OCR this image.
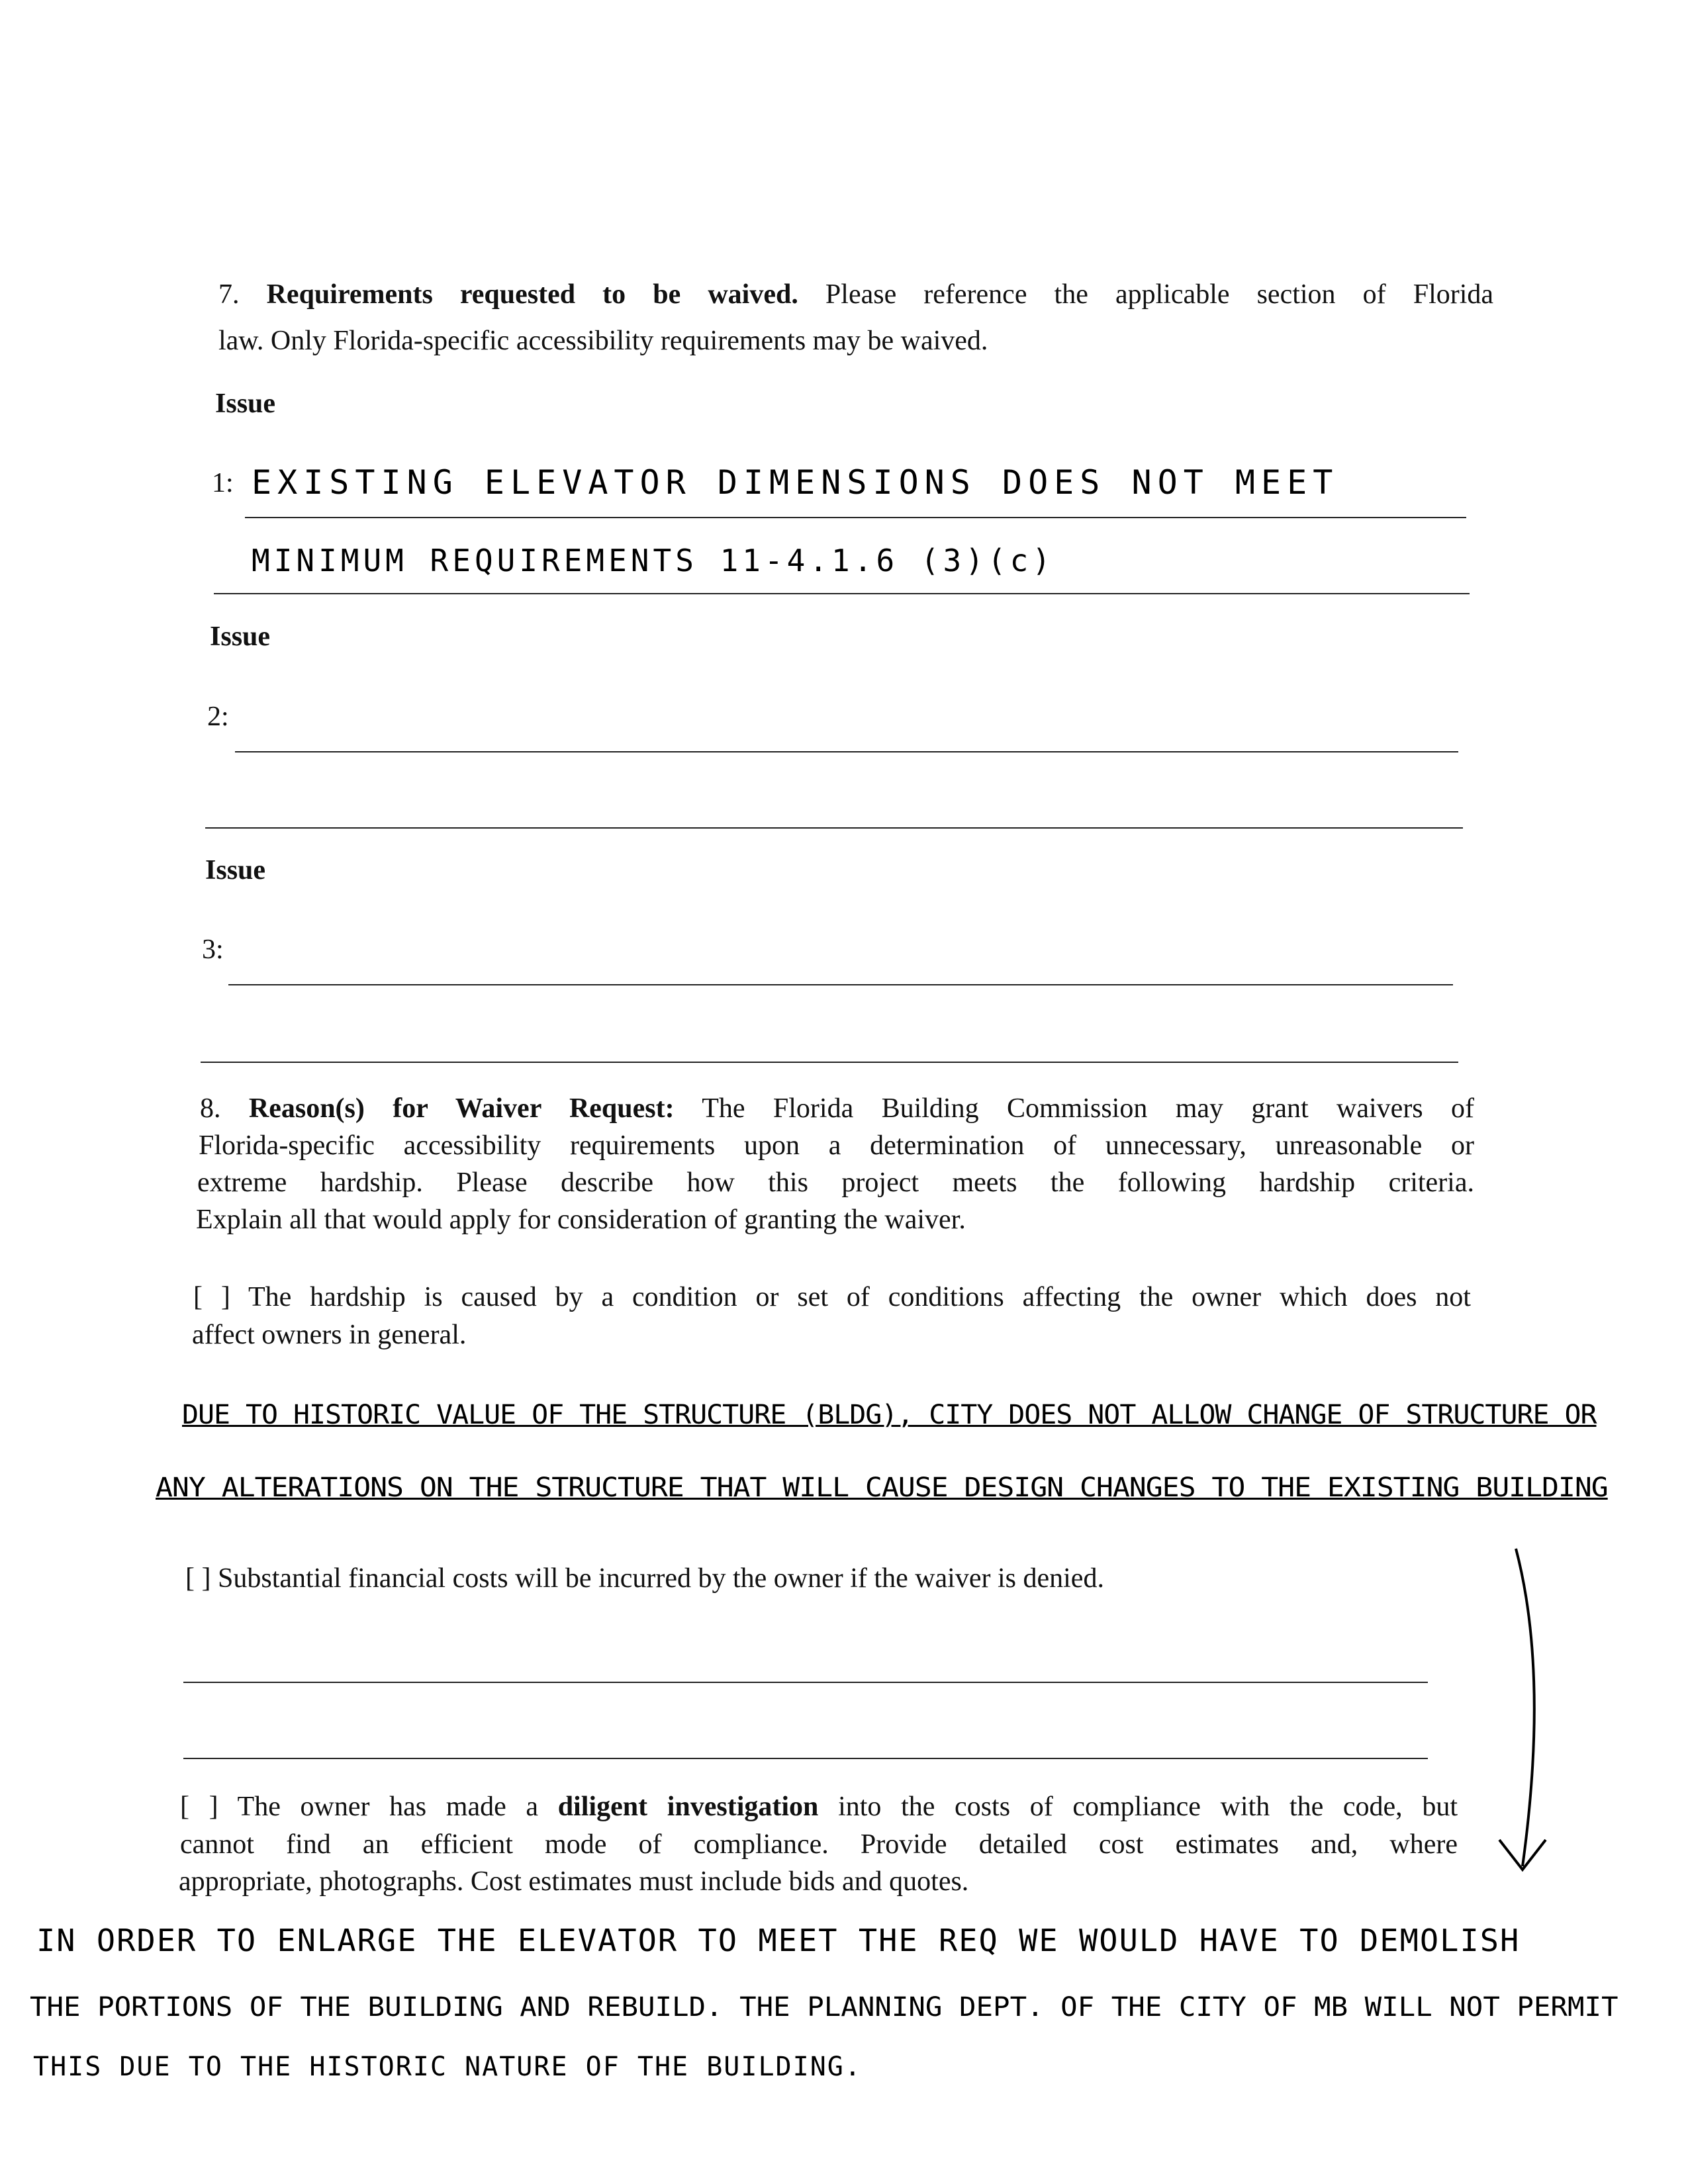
7. Requirements requested to be waived. Please reference the applicable section of Florida
law. Only Florida-specific accessibility requirements may be waived.
Issue
1: EXISTING ELEVATOR DIMENSIONS DOES NOT MEET
MINIMUM REQUIREMENTS 11-4.1.6 (3)(c)
Issue
2:
Issue
3:
8. Reason(s) for Waiver Request: The Florida Building Commission may grant waivers of
Florida-specific accessibility requirements upon a determination of unnecessary, unreasonable or
extreme hardship. Please describe how this project meets the following hardship criteria.
Explain all that would apply for consideration of granting the waiver.
[ ] The hardship is caused by a condition or set of conditions affecting the owner which does not
affect owners in general.
DUE TO HISTORIC VALUE OF THE STRUCTURE (BLDG), CITY DOES NOT ALLOW CHANGE OF STRUCTURE OR
ANY ALTERATIONS ON THE STRUCTURE THAT WILL CAUSE DESIGN CHANGES TO THE EXISTING BUILDING
[ ] Substantial financial costs will be incurred by the owner if the waiver is denied.
[ ] The owner has made a diligent investigation into the costs of compliance with the code, but
cannot find an efficient mode of compliance. Provide detailed cost estimates and, where
appropriate, photographs. Cost estimates must include bids and quotes.
IN ORDER TO ENLARGE THE ELEVATOR TO MEET THE REQ WE WOULD HAVE TO DEMOLISH
THE PORTIONS OF THE BUILDING AND REBUILD. THE PLANNING DEPT. OF THE CITY OF MB WILL NOT PERMIT
THIS DUE TO THE HISTORIC NATURE OF THE BUILDING.
